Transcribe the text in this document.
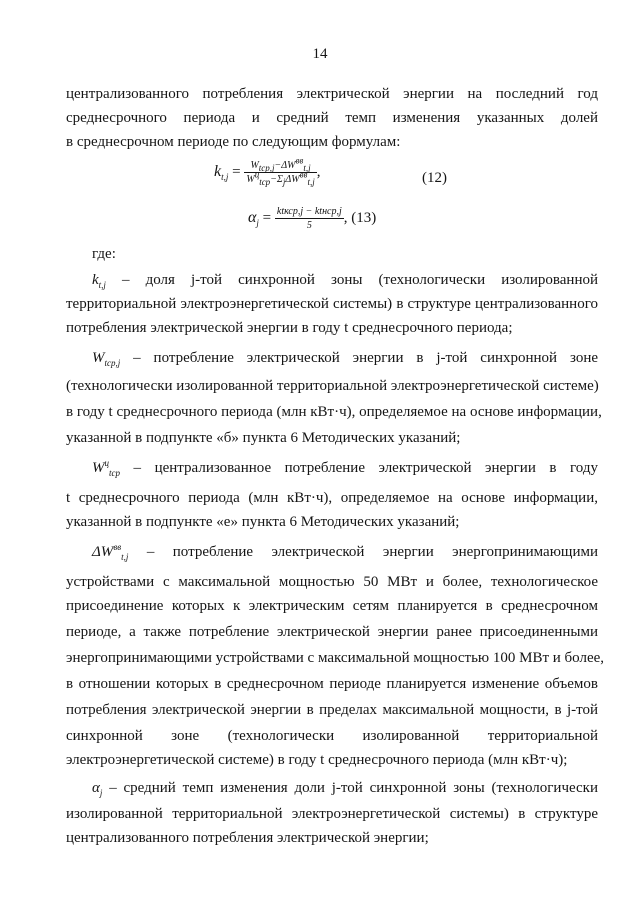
14
централизованного потребления электрической энергии на последний год
среднесрочного периода и средний темп изменения указанных долей
в среднесрочном периоде по следующим формулам:
$k_{t,j} = \frac{W_{tср,j}-\Delta W^{вв}_{t,j}}{W^ц_{tср}-\Sigma_j\Delta W^{вв}_{t,j}}$ ,	(12)
$\alpha_j = \frac{\text{ktкср,j − ktнср,j}}{5}$ , (13)
где:
$k_{t,j}$ – доля j-той синхронной зоны (технологически изолированной
территориальной электроэнергетической системы) в структуре централизованного
потребления электрической энергии в году t среднесрочного периода;
$W_{tср,j}$ – потребление электрической энергии в j-той синхронной зоне
(технологически изолированной территориальной электроэнергетической системе)
в году t среднесрочного периода (млн кВт·ч), определяемое на основе информации,
указанной в подпункте «б» пункта 6 Методических указаний;
$W^ц_{tср}$ – централизованное потребление электрической энергии в году
t среднесрочного периода (млн кВт·ч), определяемое на основе информации,
указанной в подпункте «е» пункта 6 Методических указаний;
$\Delta W^{вв}_{t,j}$ – потребление электрической энергии энергопринимающими
устройствами с максимальной мощностью 50 МВт и более, технологическое
присоединение которых к электрическим сетям планируется в среднесрочном
периоде, а также потребление электрической энергии ранее присоединенными
энергопринимающими устройствами с максимальной мощностью 100 МВт и более,
в отношении которых в среднесрочном периоде планируется изменение объемов
потребления электрической энергии в пределах максимальной мощности, в j-той
синхронной зоне (технологически изолированной территориальной
электроэнергетической системе) в году t среднесрочного периода (млн кВт·ч);
$\alpha_j$ – средний темп изменения доли j-той синхронной зоны (технологически
изолированной территориальной электроэнергетической системы) в структуре
централизованного потребления электрической энергии;
